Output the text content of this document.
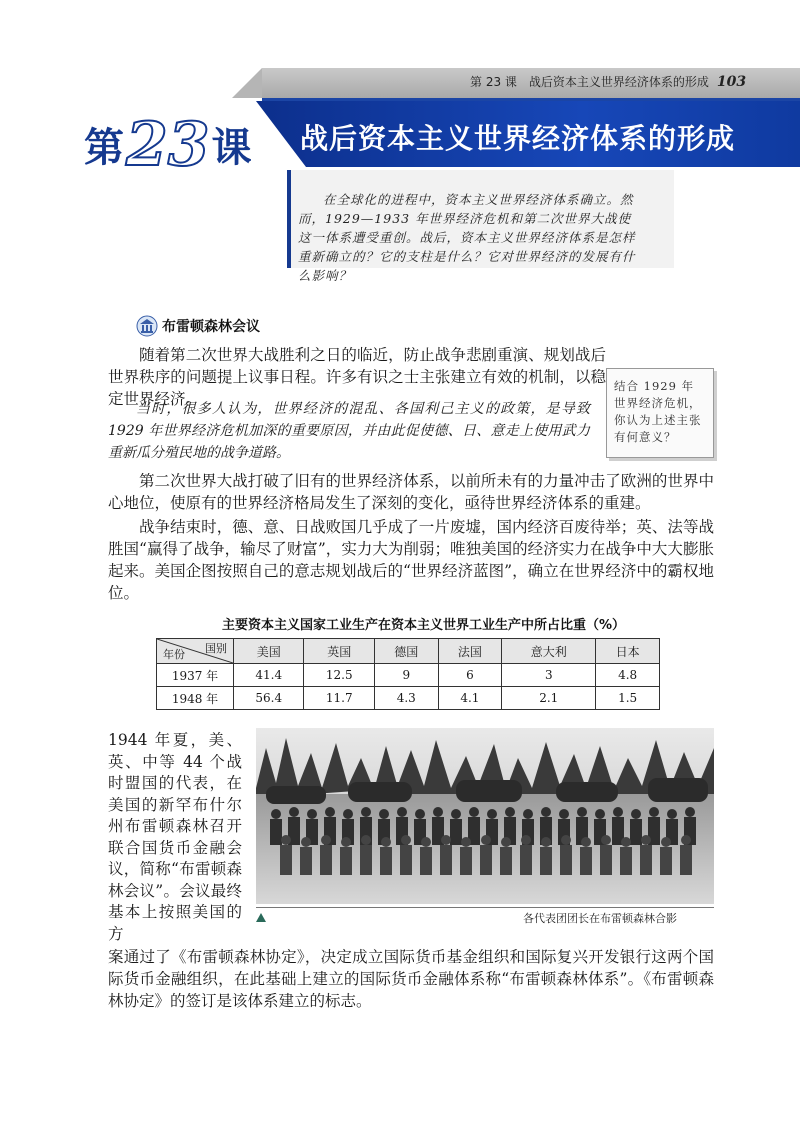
第 23 课　战后资本主义世界经济体系的形成 103
战后资本主义世界经济体系的形成
第 23 课
在全球化的进程中，资本主义世界经济体系确立。然而，1929—1933 年世界经济危机和第二次世界大战使这一体系遭受重创。战后，资本主义世界经济体系是怎样重新确立的？它的支柱是什么？它对世界经济的发展有什么影响？
布雷顿森林会议
随着第二次世界大战胜利之日的临近，防止战争悲剧重演、规划战后世界秩序的问题提上议事日程。许多有识之士主张建立有效的机制，以稳定世界经济。
当时，很多人认为，世界经济的混乱、各国利己主义的政策，是导致 1929 年世界经济危机加深的重要原因，并由此促使德、日、意走上使用武力重新瓜分殖民地的战争道路。
结合 1929 年世界经济危机，你认为上述主张有何意义？
第二次世界大战打破了旧有的世界经济体系，以前所未有的力量冲击了欧洲的世界中心地位，使原有的世界经济格局发生了深刻的变化，亟待世界经济体系的重建。
战争结束时，德、意、日战败国几乎成了一片废墟，国内经济百废待举；英、法等战胜国“赢得了战争，输尽了财富”，实力大为削弱；唯独美国的经济实力在战争中大大膨胀起来。美国企图按照自己的意志规划战后的“世界经济蓝图”，确立在世界经济中的霸权地位。
主要资本主义国家工业生产在资本主义世界工业生产中所占比重（%）
国别
年份	美国	英国	德国	法国	意大利	日本
1937 年	41.4	12.5	9	6	3	4.8
1948 年	56.4	11.7	4.3	4.1	2.1	1.5
1944 年夏，美、英、中等 44 个战时盟国的代表，在美国的新罕布什尔州布雷顿森林召开联合国货币金融会议，简称“布雷顿森林会议”。会议最终基本上按照美国的方
各代表团团长在布雷顿森林合影
案通过了《布雷顿森林协定》，决定成立国际货币基金组织和国际复兴开发银行这两个国际货币金融组织，在此基础上建立的国际货币金融体系称“布雷顿森林体系”。《布雷顿森林协定》的签订是该体系建立的标志。
